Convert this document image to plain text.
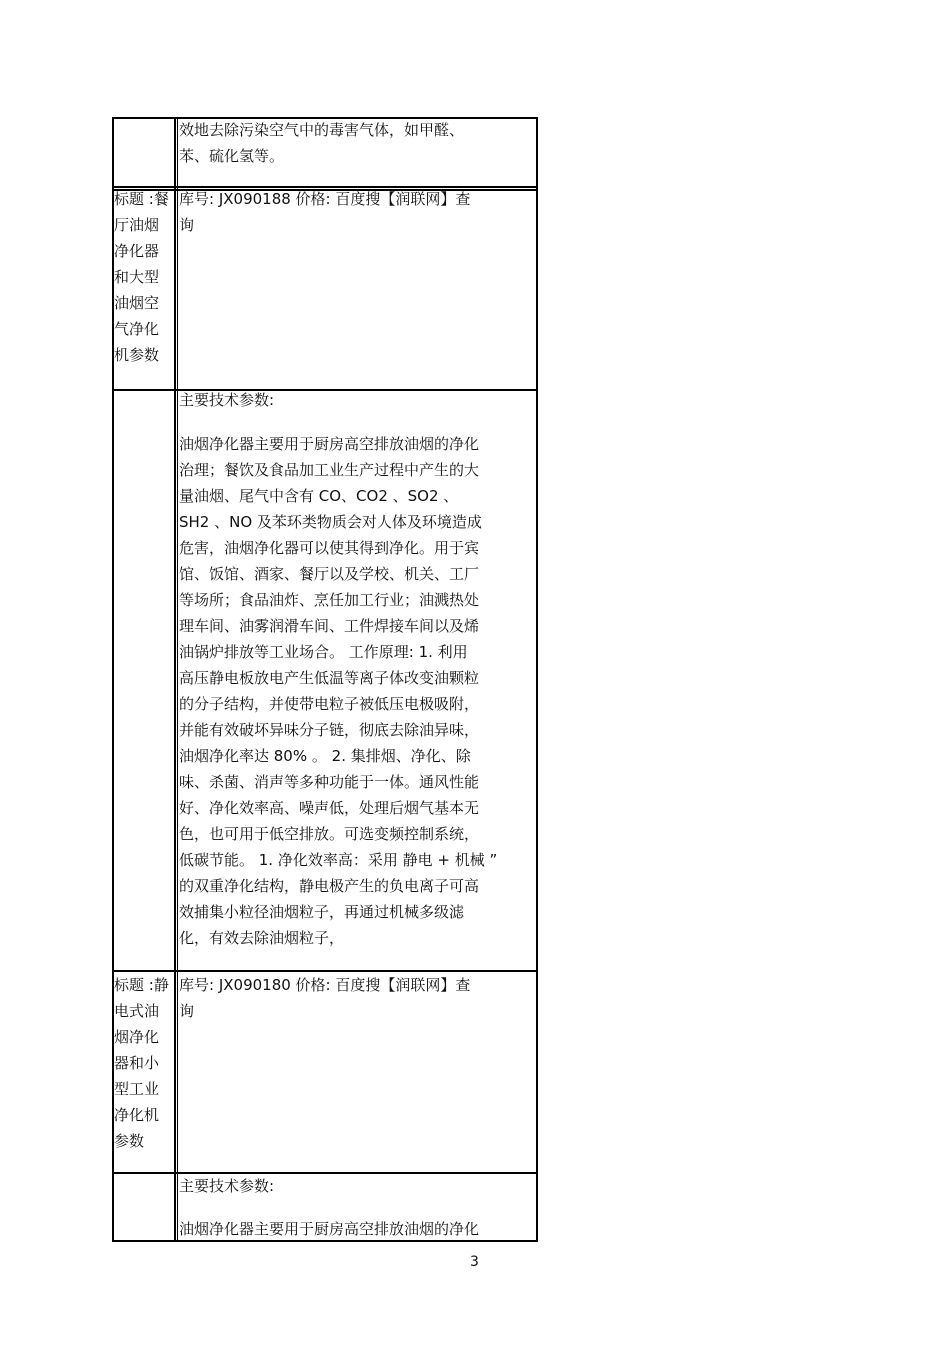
效地去除污染空气中的毒害气体，如甲醛、
苯、硫化氢等。
标题 :餐
厅油烟
净化器
和大型
油烟空
气净化
机参数
库号: JX090188 价格: 百度搜【润联网】查
询
主要技术参数:
油烟净化器主要用于厨房高空排放油烟的净化
治理；餐饮及食品加工业生产过程中产生的大
量油烟、尾气中含有 CO、CO2 、SO2 、
SH2 、NO 及苯环类物质会对人体及环境造成
危害，油烟净化器可以使其得到净化。用于宾
馆、饭馆、酒家、餐厅以及学校、机关、工厂
等场所；食品油炸、烹任加工行业；油溅热处
理车间、油雾润滑车间、工件焊接车间以及烯
油锅炉排放等工业场合。 工作原理: 1. 利用
高压静电板放电产生低温等离子体改变油颗粒
的分子结构，并使带电粒子被低压电极吸附，
并能有效破坏异味分子链，彻底去除油异味，
油烟净化率达 80% 。 2. 集排烟、净化、除
味、杀菌、消声等多种功能于一体。通风性能
好、净化效率高、噪声低，处理后烟气基本无
色，也可用于低空排放。可选变频控制系统，
低碳节能。 1. 净化效率高：采用 静电 + 机械 ”
的双重净化结构，静电极产生的负电离子可高
效捕集小粒径油烟粒子，再通过机械多级滤
化，有效去除油烟粒子，
标题 :静
电式油
烟净化
器和小
型工业
净化机
参数
库号: JX090180 价格: 百度搜【润联网】查
询
主要技术参数:
油烟净化器主要用于厨房高空排放油烟的净化
3
